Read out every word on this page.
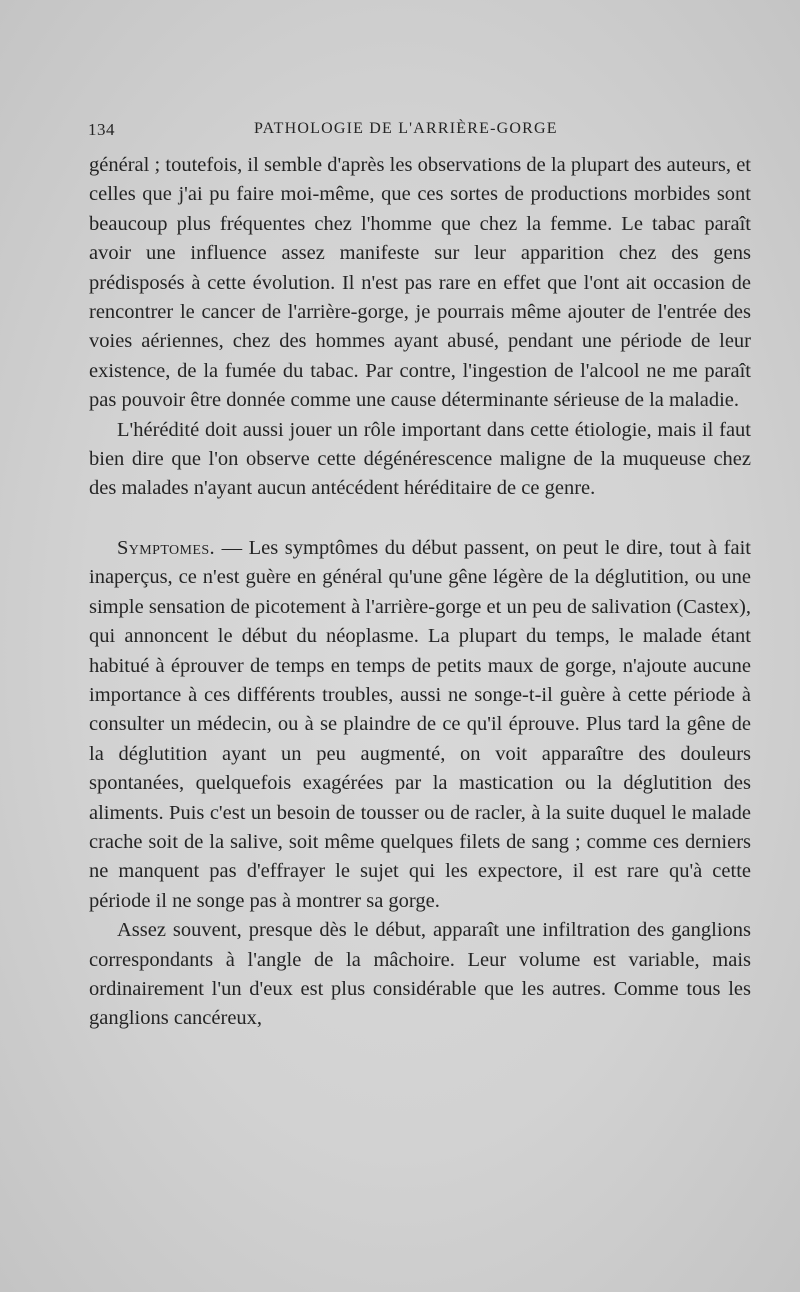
134	PATHOLOGIE DE L'ARRIÈRE-GORGE

général ; toutefois, il semble d'après les observations de la plupart des auteurs, et celles que j'ai pu faire moi-même, que ces sortes de productions morbides sont beaucoup plus fréquentes chez l'homme que chez la femme. Le tabac paraît avoir une influence assez manifeste sur leur apparition chez des gens prédisposés à cette évolution. Il n'est pas rare en effet que l'ont ait occasion de rencontrer le cancer de l'arrière-gorge, je pourrais même ajouter de l'entrée des voies aériennes, chez des hommes ayant abusé, pendant une période de leur existence, de la fumée du tabac. Par contre, l'ingestion de l'alcool ne me paraît pas pouvoir être donnée comme une cause déterminante sérieuse de la maladie.

L'hérédité doit aussi jouer un rôle important dans cette étiologie, mais il faut bien dire que l'on observe cette dégénérescence maligne de la muqueuse chez des malades n'ayant aucun antécédent héréditaire de ce genre.

Symptomes. — Les symptômes du début passent, on peut le dire, tout à fait inaperçus, ce n'est guère en général qu'une gêne légère de la déglutition, ou une simple sensation de picotement à l'arrière-gorge et un peu de salivation (Castex), qui annoncent le début du néoplasme. La plupart du temps, le malade étant habitué à éprouver de temps en temps de petits maux de gorge, n'ajoute aucune importance à ces différents troubles, aussi ne songe-t-il guère à cette période à consulter un médecin, ou à se plaindre de ce qu'il éprouve. Plus tard la gêne de la déglutition ayant un peu augmenté, on voit apparaître des douleurs spontanées, quelquefois exagérées par la mastication ou la déglutition des aliments. Puis c'est un besoin de tousser ou de racler, à la suite duquel le malade crache soit de la salive, soit même quelques filets de sang ; comme ces derniers ne manquent pas d'effrayer le sujet qui les expectore, il est rare qu'à cette période il ne songe pas à montrer sa gorge.

Assez souvent, presque dès le début, apparaît une infiltration des ganglions correspondants à l'angle de la mâchoire. Leur volume est variable, mais ordinairement l'un d'eux est plus considérable que les autres. Comme tous les ganglions cancéreux,
